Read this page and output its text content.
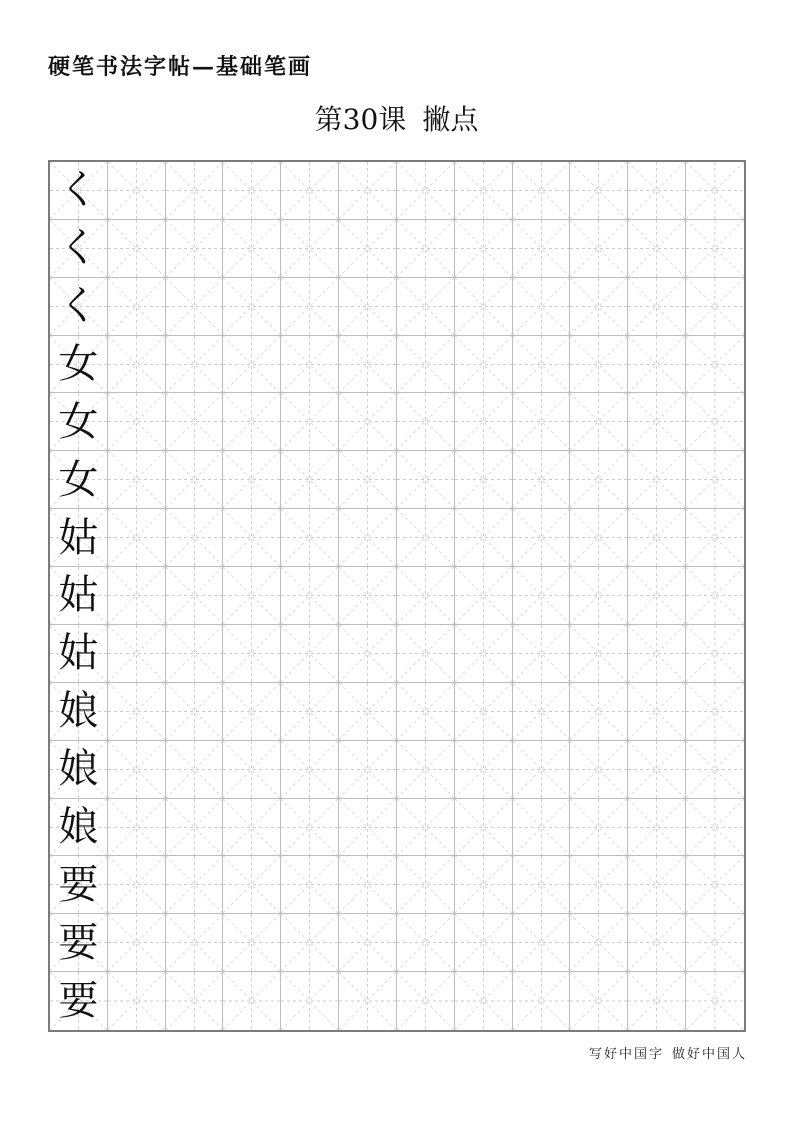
硬笔书法字帖—基础笔画
第30课 撇点
く
く
く
女
女
女
姑
姑
姑
娘
娘
娘
要
要
要
写好中国字 做好中国人
